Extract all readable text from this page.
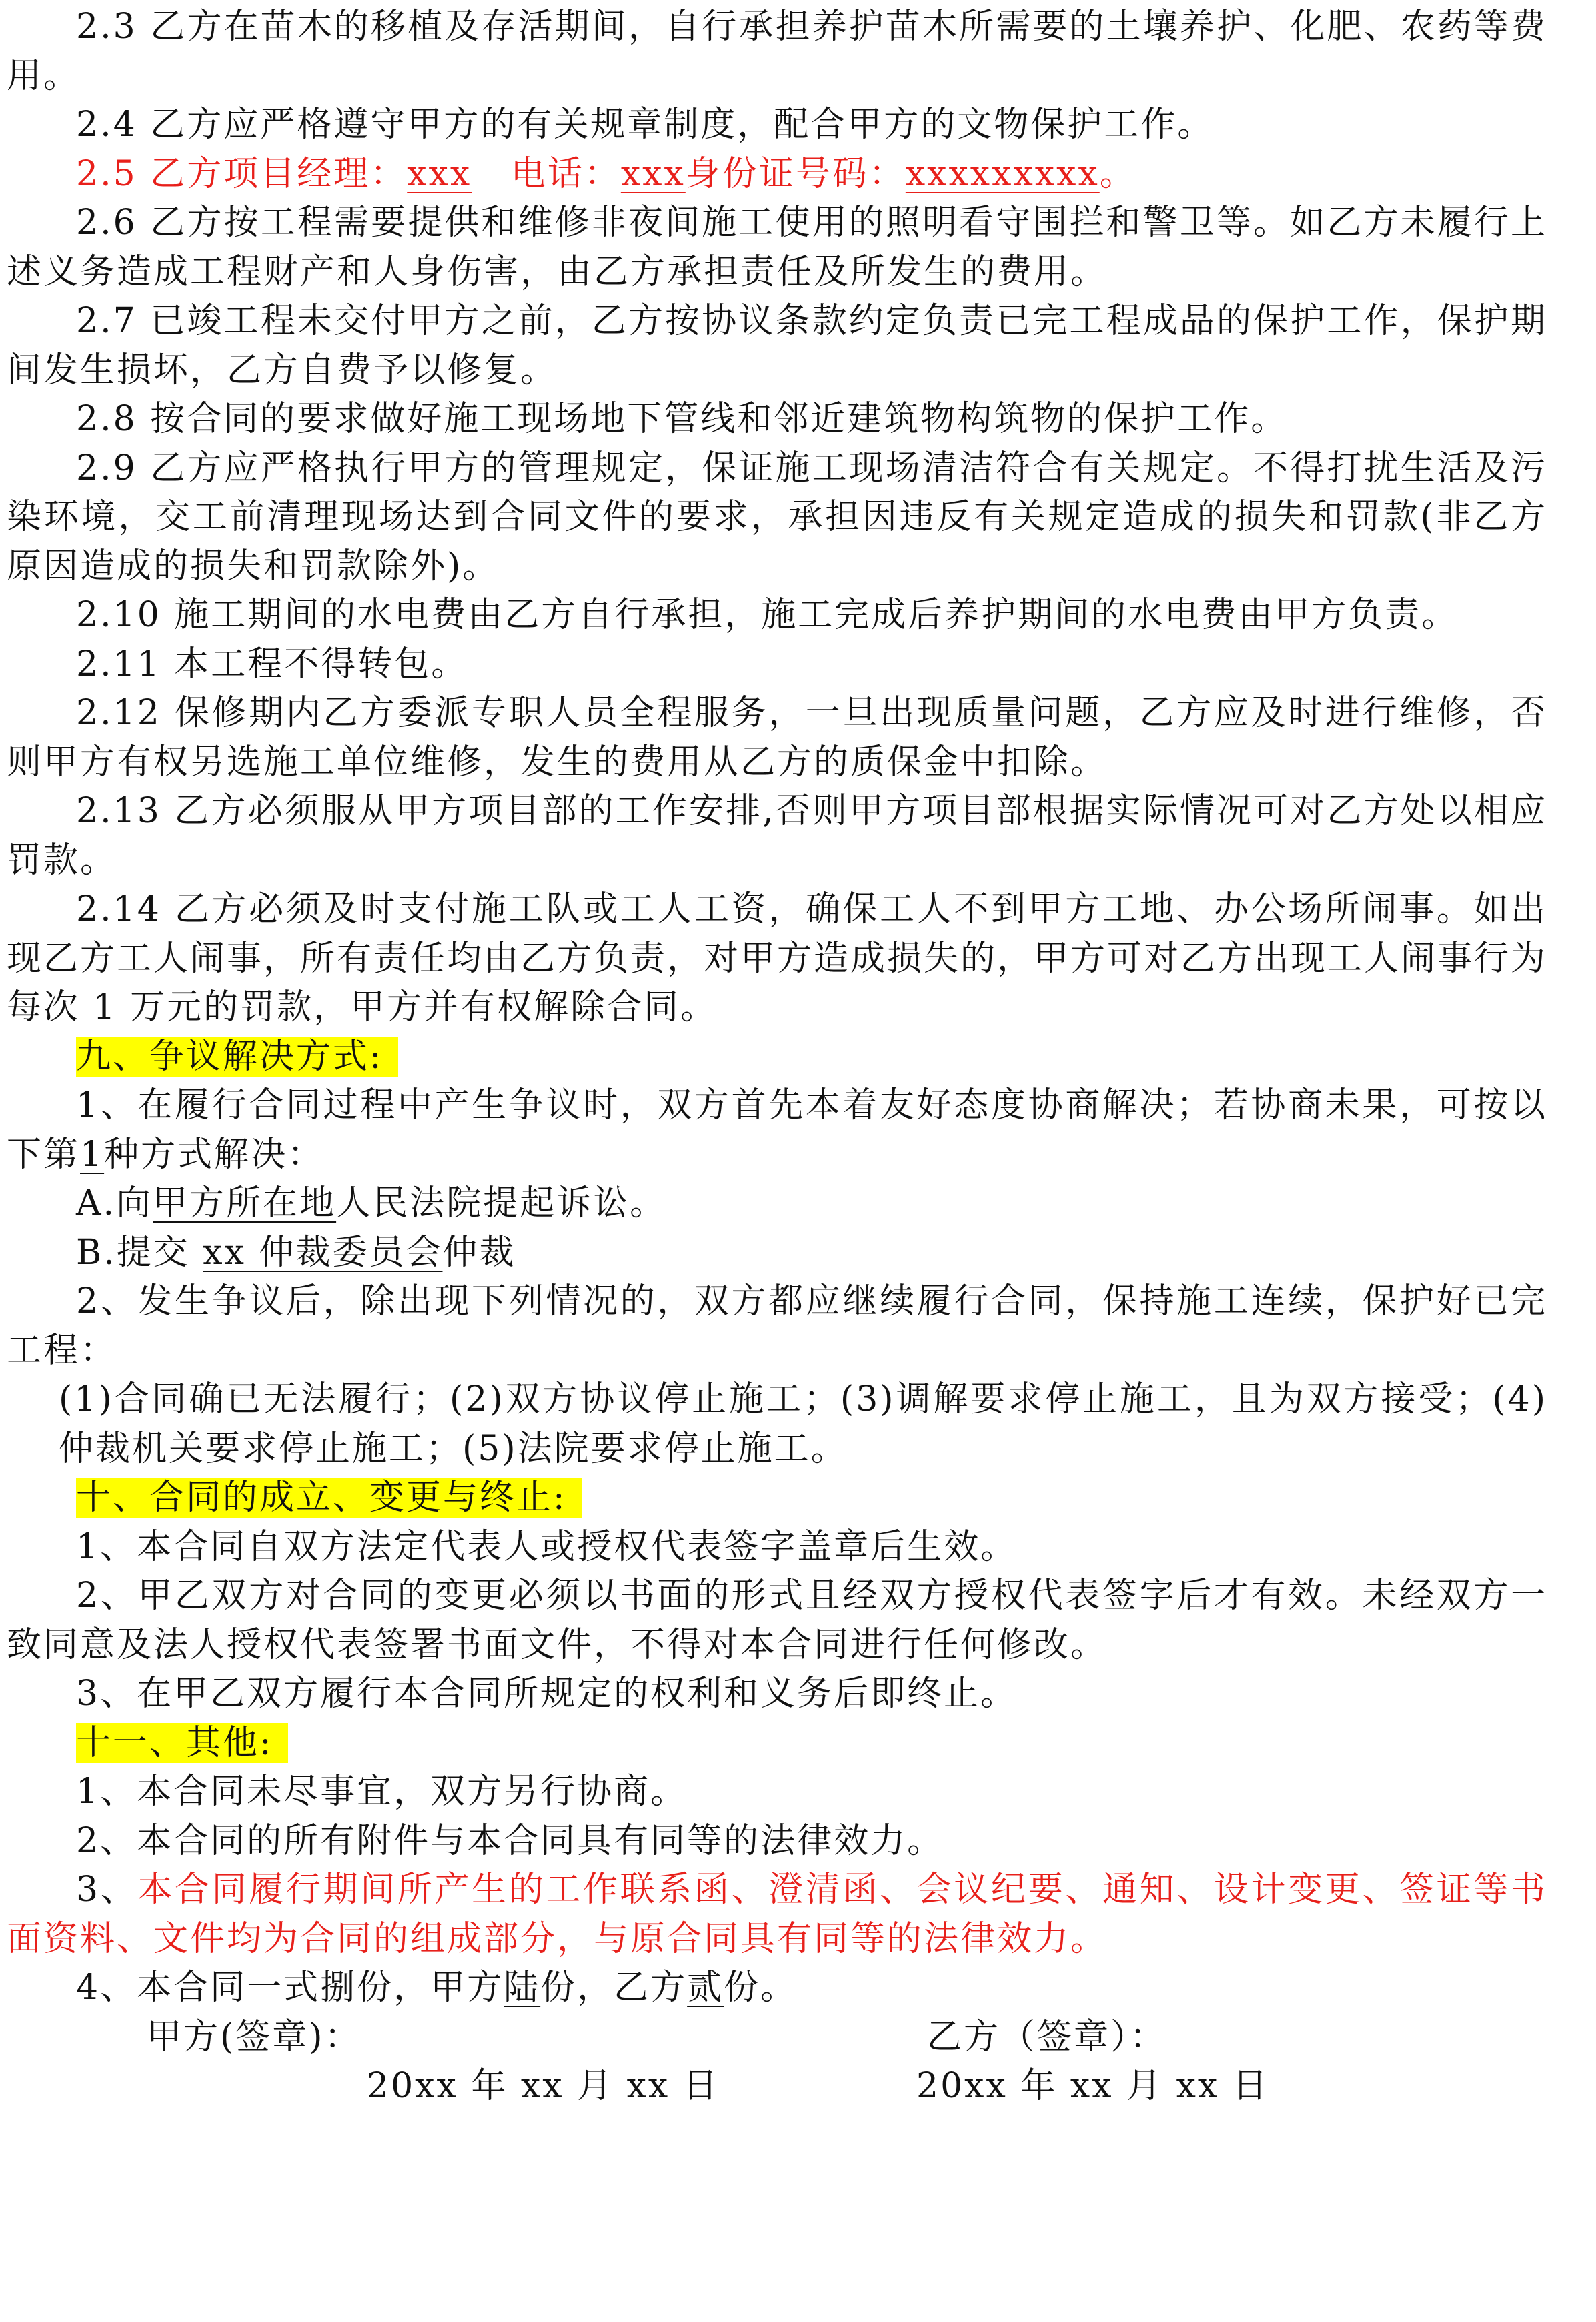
2.3 乙方在苗木的移植及存活期间，自行承担养护苗木所需要的土壤养护、化肥、农药等费用。

2.4 乙方应严格遵守甲方的有关规章制度，配合甲方的文物保护工作。

2.5 乙方项目经理：xxx 电话：xxx身份证号码：xxxxxxxxx。

2.6 乙方按工程需要提供和维修非夜间施工使用的照明看守围拦和警卫等。如乙方未履行上述义务造成工程财产和人身伤害，由乙方承担责任及所发生的费用。

2.7 已竣工程未交付甲方之前，乙方按协议条款约定负责已完工程成品的保护工作，保护期间发生损坏，乙方自费予以修复。

2.8 按合同的要求做好施工现场地下管线和邻近建筑物构筑物的保护工作。

2.9 乙方应严格执行甲方的管理规定，保证施工现场清洁符合有关规定。不得打扰生活及污染环境，交工前清理现场达到合同文件的要求，承担因违反有关规定造成的损失和罚款(非乙方原因造成的损失和罚款除外)。

2.10 施工期间的水电费由乙方自行承担，施工完成后养护期间的水电费由甲方负责。

2.11 本工程不得转包。

2.12 保修期内乙方委派专职人员全程服务，一旦出现质量问题，乙方应及时进行维修，否则甲方有权另选施工单位维修，发生的费用从乙方的质保金中扣除。

2.13 乙方必须服从甲方项目部的工作安排,否则甲方项目部根据实际情况可对乙方处以相应罚款。

2.14 乙方必须及时支付施工队或工人工资，确保工人不到甲方工地、办公场所闹事。如出现乙方工人闹事，所有责任均由乙方负责，对甲方造成损失的，甲方可对乙方出现工人闹事行为每次 1 万元的罚款，甲方并有权解除合同。

九、争议解决方式:

1、在履行合同过程中产生争议时，双方首先本着友好态度协商解决；若协商未果，可按以下第1种方式解决：

A.向甲方所在地人民法院提起诉讼。

B.提交 xx 仲裁委员会仲裁

2、发生争议后，除出现下列情况的，双方都应继续履行合同，保持施工连续，保护好已完工程：

(1)合同确已无法履行；(2)双方协议停止施工；(3)调解要求停止施工，且为双方接受；(4)仲裁机关要求停止施工；(5)法院要求停止施工。

十、合同的成立、变更与终止:

1、本合同自双方法定代表人或授权代表签字盖章后生效。

2、甲乙双方对合同的变更必须以书面的形式且经双方授权代表签字后才有效。未经双方一致同意及法人授权代表签署书面文件，不得对本合同进行任何修改。

3、在甲乙双方履行本合同所规定的权利和义务后即终止。

十一、其他:

1、本合同未尽事宜，双方另行协商。

2、本合同的所有附件与本合同具有同等的法律效力。

3、本合同履行期间所产生的工作联系函、澄清函、会议纪要、通知、设计变更、签证等书面资料、文件均为合同的组成部分，与原合同具有同等的法律效力。

4、本合同一式捌份，甲方陆份，乙方贰份。

甲方(签章)：	乙方（签章）：
20xx 年 xx 月 xx 日	20xx 年 xx 月 xx 日
